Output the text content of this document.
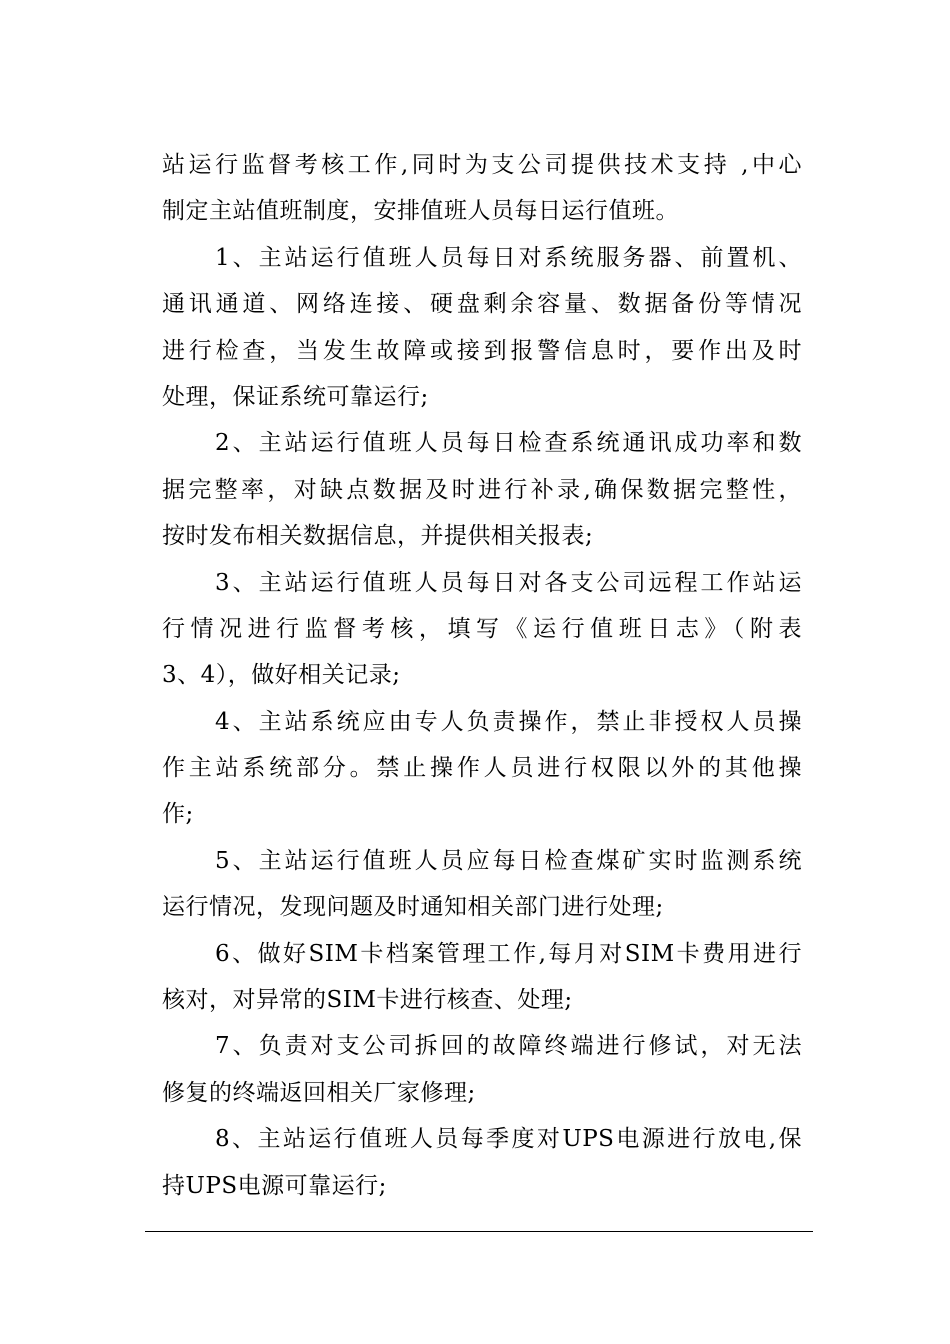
站运行监督考核工作,同时为支公司提供技术支持 ,中心
制定主站值班制度，安排值班人员每日运行值班。
1、主站运行值班人员每日对系统服务器、前置机、
通讯通道、网络连接、硬盘剩余容量、数据备份等情况
进行检查，当发生故障或接到报警信息时，要作出及时
处理，保证系统可靠运行;
2、主站运行值班人员每日检查系统通讯成功率和数
据完整率，对缺点数据及时进行补录,确保数据完整性，
按时发布相关数据信息，并提供相关报表;
3、主站运行值班人员每日对各支公司远程工作站运
行情况进行监督考核，填写《运行值班日志》（附表
3、4），做好相关记录;
4、主站系统应由专人负责操作，禁止非授权人员操
作主站系统部分。禁止操作人员进行权限以外的其他操
作;
5、主站运行值班人员应每日检查煤矿实时监测系统
运行情况，发现问题及时通知相关部门进行处理;
6、做好SIM卡档案管理工作,每月对SIM卡费用进行
核对，对异常的SIM卡进行核查、处理;
7、负责对支公司拆回的故障终端进行修试，对无法
修复的终端返回相关厂家修理;
8、主站运行值班人员每季度对UPS电源进行放电,保
持UPS电源可靠运行;
